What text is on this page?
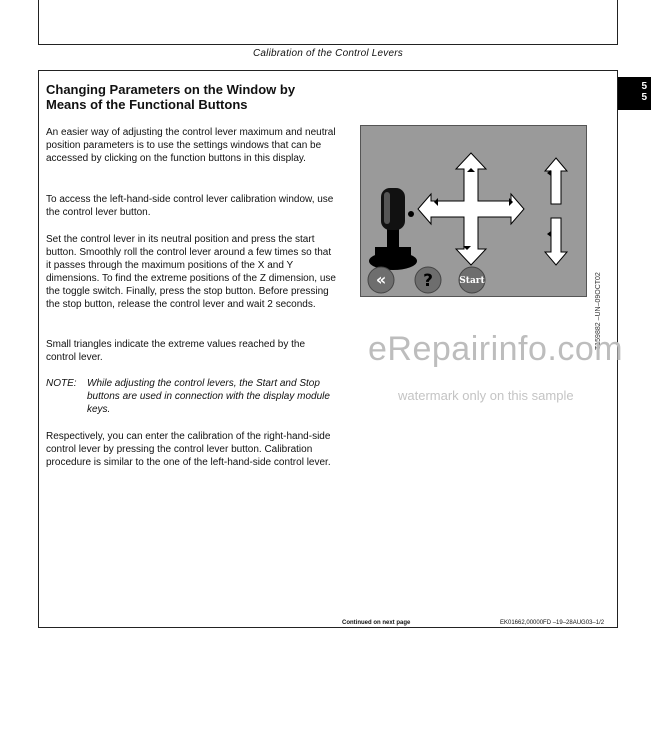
Calibration of the Control Levers
5
5
Changing Parameters on the Window by
Means of the Functional Buttons
An easier way of adjusting the control lever maximum and neutral position parameters is to use the settings windows that can be accessed by clicking on the function buttons in this display.
To access the left-hand-side control lever calibration window, use the control lever button.
Set the control lever in its neutral position and press the start button. Smoothly roll the control lever around a few times so that it passes through the maximum positions of the X and Y dimensions. To find the extreme positions of the Z dimension, use the toggle switch. Finally, press the stop button. Before pressing the stop button, release the control lever and wait 2 seconds.
Small triangles indicate the extreme values reached by the control lever.
NOTE: While adjusting the control levers, the Start and Stop buttons are used in connection with the display module keys.
Respectively, you can enter the calibration of the right-hand-side control lever by pressing the control lever button. Calibration procedure is similar to the one of the left-hand-side control lever.
« ?	Start	T159882 –UN–09OCT02
eRepairinfo.com
watermark only on this sample
Continued on next page	EK01662,00000FD –19–28AUG03–1/2
